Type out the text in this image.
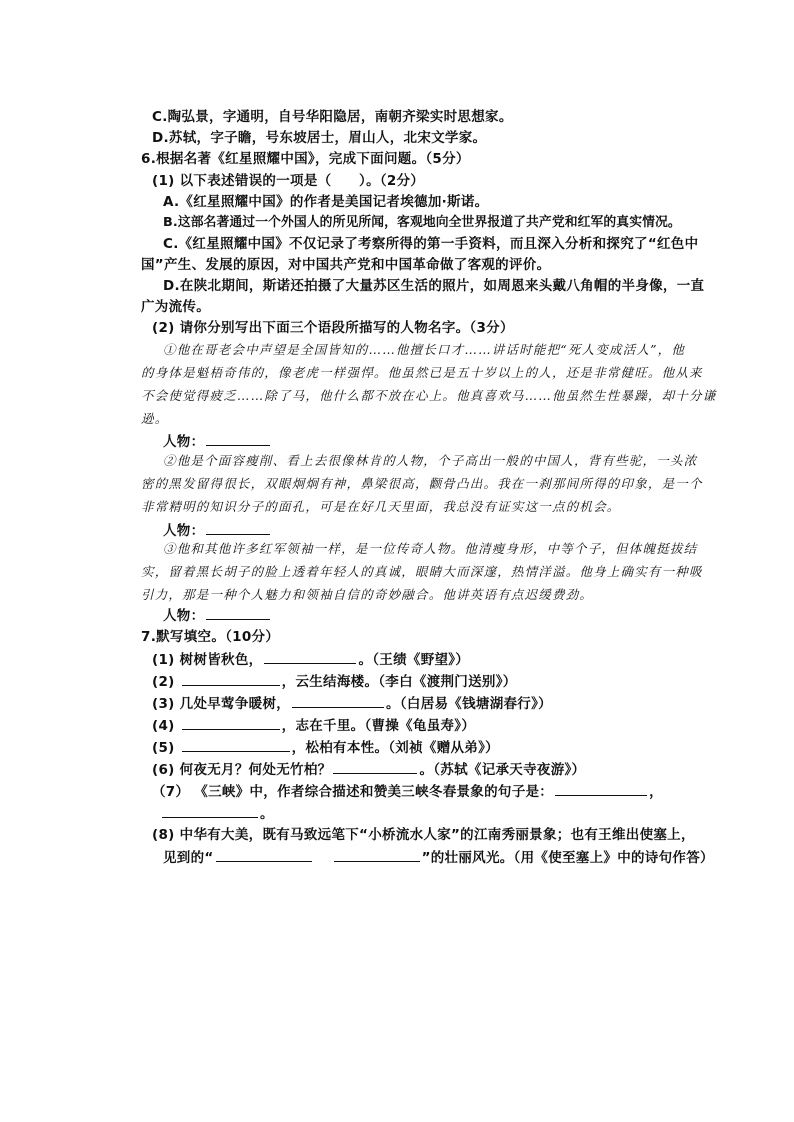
C.陶弘景，字通明，自号华阳隐居，南朝齐梁实时思想家。
D.苏轼，字子瞻，号东坡居士，眉山人，北宋文学家。
6.根据名著《红星照耀中国》，完成下面问题。（5分）
(1) 以下表述错误的一项是（　　）。（2分）
A.《红星照耀中国》的作者是美国记者埃德加·斯诺。
B.这部名著通过一个外国人的所见所闻，客观地向全世界报道了共产党和红军的真实情况。
C.《红星照耀中国》不仅记录了考察所得的第一手资料，而且深入分析和探究了“红色中
国”产生、发展的原因，对中国共产党和中国革命做了客观的评价。
D.在陕北期间，斯诺还拍摄了大量苏区生活的照片，如周恩来头戴八角帽的半身像，一直
广为流传。
(2) 请你分别写出下面三个语段所描写的人物名字。（3分）
①他在哥老会中声望是全国皆知的……他擅长口才……讲话时能把“死人变成活人”，他
的身体是魁梧奇伟的，像老虎一样强悍。他虽然已是五十岁以上的人，还是非常健旺。他从来
不会使觉得疲乏……除了马，他什么都不放在心上。他真喜欢马……他虽然生性暴躁，却十分谦
逊。
人物：
②他是个面容瘦削、看上去很像林肯的人物，个子高出一般的中国人，背有些驼，一头浓
密的黑发留得很长，双眼炯炯有神，鼻梁很高，颧骨凸出。我在一刹那间所得的印象，是一个
非常精明的知识分子的面孔，可是在好几天里面，我总没有证实这一点的机会。
人物：
③他和其他许多红军领袖一样，是一位传奇人物。他清瘦身形，中等个子，但体魄挺拔结
实，留着黑长胡子的脸上透着年轻人的真诚，眼睛大而深邃，热情洋溢。他身上确实有一种吸
引力，那是一种个人魅力和领袖自信的奇妙融合。他讲英语有点迟缓费劲。
人物：
7.默写填空。（10分）
(1) 树树皆秋色，	。（王绩《野望》）
(2)	，云生结海楼。（李白《渡荆门送别》）
(3) 几处早莺争暖树，	。（白居易《钱塘湖春行》）
(4)	，志在千里。（曹操《龟虽寿》）
(5)	，松柏有本性。（刘祯《赠从弟》）
(6) 何夜无月？何处无竹柏？	。（苏轼《记承天寺夜游》）
（7） 《三峡》中，作者综合描述和赞美三峡冬春景象的句子是：	，
。
(8) 中华有大美，既有马致远笔下“小桥流水人家”的江南秀丽景象；也有王维出使塞上，
见到的“	”的壮丽风光。（用《使至塞上》中的诗句作答）
